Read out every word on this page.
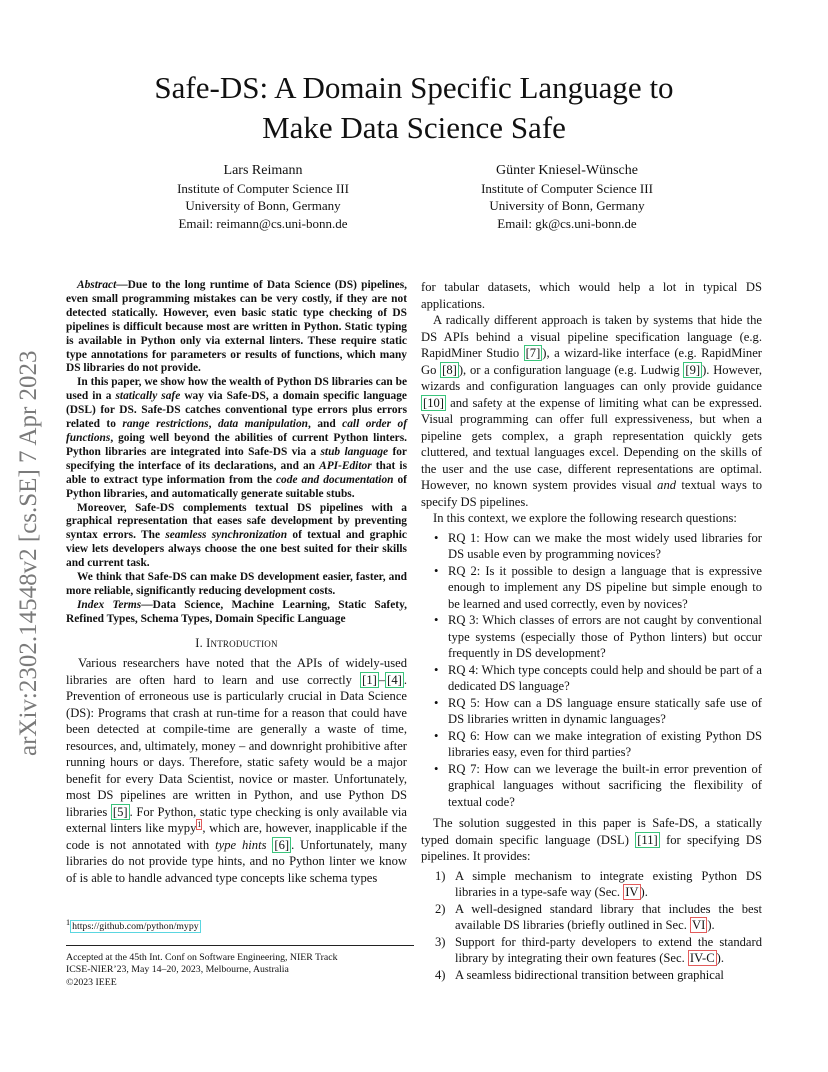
arXiv:2302.14548v2 [cs.SE] 7 Apr 2023
Safe-DS: A Domain Specific Language to
Make Data Science Safe
Lars Reimann
Institute of Computer Science III
University of Bonn, Germany
Email: reimann@cs.uni-bonn.de
Günter Kniesel-Wünsche
Institute of Computer Science III
University of Bonn, Germany
Email: gk@cs.uni-bonn.de

Abstract—Due to the long runtime of Data Science (DS) pipelines, even small programming mistakes can be very costly, if they are not detected statically. However, even basic static type checking of DS pipelines is difficult because most are written in Python. Static typing is available in Python only via external linters. These require static type annotations for parameters or results of functions, which many DS libraries do not provide.

In this paper, we show how the wealth of Python DS libraries can be used in a statically safe way via Safe-DS, a domain specific language (DSL) for DS. Safe-DS catches conventional type errors plus errors related to range restrictions, data manipulation, and call order of functions, going well beyond the abilities of current Python linters. Python libraries are integrated into Safe-DS via a stub language for specifying the interface of its declarations, and an API-Editor that is able to extract type information from the code and documentation of Python libraries, and automatically generate suitable stubs.

Moreover, Safe-DS complements textual DS pipelines with a graphical representation that eases safe development by preventing syntax errors. The seamless synchronization of textual and graphic view lets developers always choose the one best suited for their skills and current task.

We think that Safe-DS can make DS development easier, faster, and more reliable, significantly reducing development costs.

Index Terms—Data Science, Machine Learning, Static Safety, Refined Types, Schema Types, Domain Specific Language

I. Introduction

Various researchers have noted that the APIs of widely-used libraries are often hard to learn and use correctly [1] – [4] . Prevention of erroneous use is particularly crucial in Data Science (DS): Programs that crash at run-time for a reason that could have been detected at compile-time are generally a waste of time, resources, and, ultimately, money – and downright prohibitive after running hours or days. Therefore, static safety would be a major benefit for every Data Scientist, novice or master. Unfortunately, most DS pipelines are written in Python, and use Python DS libraries [5] . For Python, static type checking is only available via external linters like mypy$^1$, which are, however, inapplicable if the code is not annotated with type hints [6] . Unfortunately, many libraries do not provide type hints, and no Python linter we know of is able to handle advanced type concepts like schema types

for tabular datasets, which would help a lot in typical DS applications.

A radically different approach is taken by systems that hide the DS APIs behind a visual pipeline specification language (e.g. RapidMiner Studio [7] ), a wizard-like interface (e.g. RapidMiner Go [8] ), or a configuration language (e.g. Ludwig [9] ). However, wizards and configuration languages can only provide guidance [10] and safety at the expense of limiting what can be expressed. Visual programming can offer full expressiveness, but when a pipeline gets complex, a graph representation quickly gets cluttered, and textual languages excel. Depending on the skills of the user and the use case, different representations are optimal. However, no known system provides visual and textual ways to specify DS pipelines.

In this context, we explore the following research questions:

• RQ 1: How can we make the most widely used libraries for DS usable even by programming novices?
• RQ 2: Is it possible to design a language that is expressive enough to implement any DS pipeline but simple enough to be learned and used correctly, even by novices?
• RQ 3: Which classes of errors are not caught by conventional type systems (especially those of Python linters) but occur frequently in DS development?
• RQ 4: Which type concepts could help and should be part of a dedicated DS language?
• RQ 5: How can a DS language ensure statically safe use of DS libraries written in dynamic languages?
• RQ 6: How can we make integration of existing Python DS libraries easy, even for third parties?
• RQ 7: How can we leverage the built-in error prevention of graphical languages without sacrificing the flexibility of textual code?

The solution suggested in this paper is Safe-DS, a statically typed domain specific language (DSL) [11] for specifying DS pipelines. It provides:

1) A simple mechanism to integrate existing Python DS libraries in a type-safe way (Sec. IV ).
2) A well-designed standard library that includes the best available DS libraries (briefly outlined in Sec. VI ).
3) Support for third-party developers to extend the standard library by integrating their own features (Sec. IV-C ).
4) A seamless bidirectional transition between graphical
$^1$ https://github.com/python/mypy
Accepted at the 45th Int. Conf on Software Engineering, NIER Track
ICSE-NIER’23, May 14–20, 2023, Melbourne, Australia
©2023 IEEE
